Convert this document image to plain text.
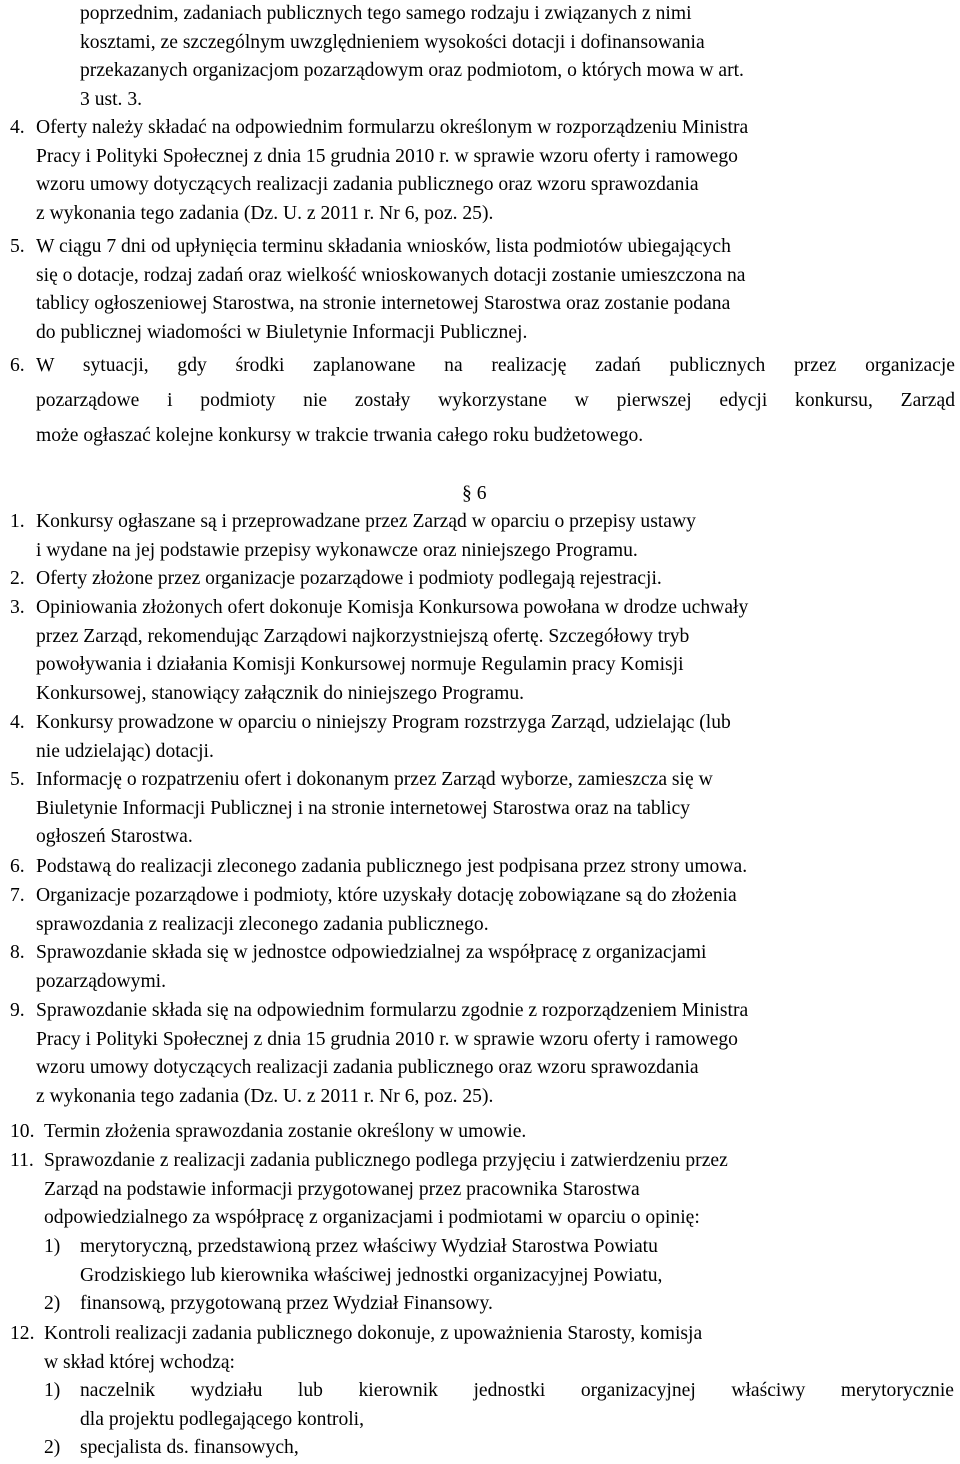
poprzednim, zadaniach publicznych tego samego rodzaju i związanych z nimi
kosztami, ze szczególnym uwzględnieniem wysokości dotacji i dofinansowania
przekazanych organizacjom pozarządowym oraz podmiotom, o których mowa w art.
3 ust. 3.
4. Oferty należy składać na odpowiednim formularzu określonym w rozporządzeniu Ministra
Pracy i Polityki Społecznej z dnia 15 grudnia 2010 r. w sprawie wzoru oferty i ramowego
wzoru umowy dotyczących realizacji zadania publicznego oraz wzoru sprawozdania
z wykonania tego zadania (Dz. U. z 2011 r. Nr 6, poz. 25).
5. W ciągu 7 dni od upłynięcia terminu składania wniosków, lista podmiotów ubiegających
się o dotacje, rodzaj zadań oraz wielkość wnioskowanych dotacji zostanie umieszczona na
tablicy ogłoszeniowej Starostwa, na stronie internetowej Starostwa oraz zostanie podana
do publicznej wiadomości w Biuletynie Informacji Publicznej.
6. W sytuacji, gdy środki zaplanowane na realizację zadań publicznych przez organizacje
pozarządowe i podmioty nie zostały wykorzystane w pierwszej edycji konkursu, Zarząd
może ogłaszać kolejne konkursy w trakcie trwania całego roku budżetowego.
§ 6
1. Konkursy ogłaszane są i przeprowadzane przez Zarząd w oparciu o przepisy ustawy
i wydane na jej podstawie przepisy wykonawcze oraz niniejszego Programu.
2. Oferty złożone przez organizacje pozarządowe i podmioty podlegają rejestracji.
3. Opiniowania złożonych ofert dokonuje Komisja Konkursowa powołana w drodze uchwały
przez Zarząd, rekomendując Zarządowi najkorzystniejszą ofertę. Szczegółowy tryb
powoływania i działania Komisji Konkursowej normuje Regulamin pracy Komisji
Konkursowej, stanowiący załącznik do niniejszego Programu.
4. Konkursy prowadzone w oparciu o niniejszy Program rozstrzyga Zarząd, udzielając (lub
nie udzielając) dotacji.
5. Informację o rozpatrzeniu ofert i dokonanym przez Zarząd wyborze, zamieszcza się w
Biuletynie Informacji Publicznej i na stronie internetowej Starostwa oraz na tablicy
ogłoszeń Starostwa.
6. Podstawą do realizacji zleconego zadania publicznego jest podpisana przez strony umowa.
7. Organizacje pozarządowe i podmioty, które uzyskały dotację zobowiązane są do złożenia
sprawozdania z realizacji zleconego zadania publicznego.
8. Sprawozdanie składa się w jednostce odpowiedzialnej za współpracę z organizacjami
pozarządowymi.
9. Sprawozdanie składa się na odpowiednim formularzu zgodnie z rozporządzeniem Ministra
Pracy i Polityki Społecznej z dnia 15 grudnia 2010 r. w sprawie wzoru oferty i ramowego
wzoru umowy dotyczących realizacji zadania publicznego oraz wzoru sprawozdania
z wykonania tego zadania (Dz. U. z 2011 r. Nr 6, poz. 25).
10. Termin złożenia sprawozdania zostanie określony w umowie.
11. Sprawozdanie z realizacji zadania publicznego podlega przyjęciu i zatwierdzeniu przez
Zarząd na podstawie informacji przygotowanej przez pracownika Starostwa
odpowiedzialnego za współpracę z organizacjami i podmiotami w oparciu o opinię:
1)	merytoryczną, przedstawioną przez właściwy Wydział Starostwa Powiatu
Grodziskiego lub kierownika właściwej jednostki organizacyjnej Powiatu,
2)	finansową, przygotowaną przez Wydział Finansowy.
12. Kontroli realizacji zadania publicznego dokonuje, z upoważnienia Starosty, komisja
w skład której wchodzą:
1)	naczelnik wydziału lub kierownik jednostki organizacyjnej właściwy merytorycznie
dla projektu podlegającego kontroli,
2)	specjalista ds. finansowych,
